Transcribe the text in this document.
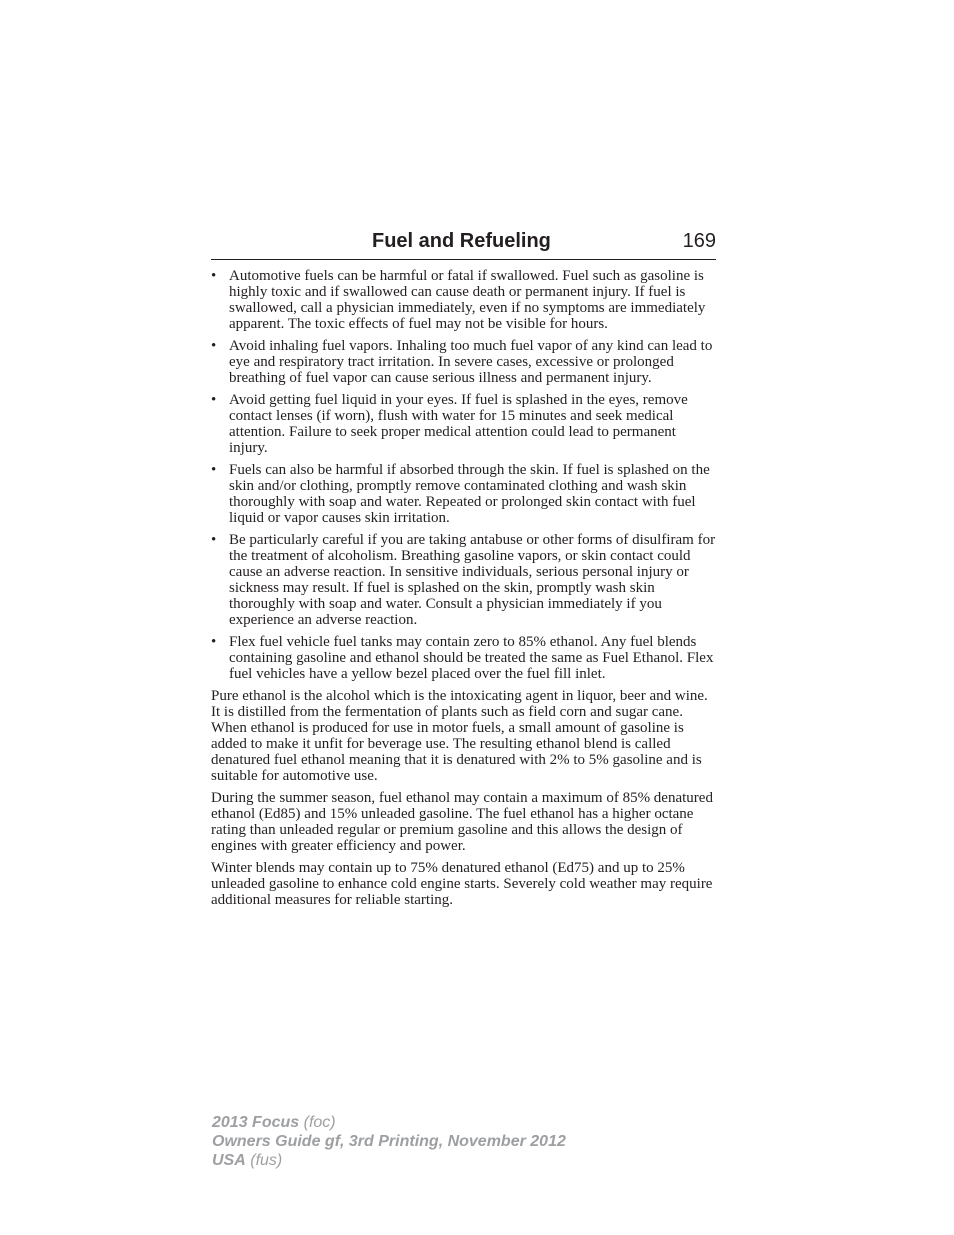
Fuel and Refueling	169
• Automotive fuels can be harmful or fatal if swallowed. Fuel such as gasoline is highly toxic and if swallowed can cause death or permanent injury. If fuel is swallowed, call a physician immediately, even if no symptoms are immediately apparent. The toxic effects of fuel may not be visible for hours.
• Avoid inhaling fuel vapors. Inhaling too much fuel vapor of any kind can lead to eye and respiratory tract irritation. In severe cases, excessive or prolonged breathing of fuel vapor can cause serious illness and permanent injury.
• Avoid getting fuel liquid in your eyes. If fuel is splashed in the eyes, remove contact lenses (if worn), flush with water for 15 minutes and seek medical attention. Failure to seek proper medical attention could lead to permanent injury.
• Fuels can also be harmful if absorbed through the skin. If fuel is splashed on the skin and/or clothing, promptly remove contaminated clothing and wash skin thoroughly with soap and water. Repeated or prolonged skin contact with fuel liquid or vapor causes skin irritation.
• Be particularly careful if you are taking antabuse or other forms of disulfiram for the treatment of alcoholism. Breathing gasoline vapors, or skin contact could cause an adverse reaction. In sensitive individuals, serious personal injury or sickness may result. If fuel is splashed on the skin, promptly wash skin thoroughly with soap and water. Consult a physician immediately if you experience an adverse reaction.
• Flex fuel vehicle fuel tanks may contain zero to 85% ethanol. Any fuel blends containing gasoline and ethanol should be treated the same as Fuel Ethanol. Flex fuel vehicles have a yellow bezel placed over the fuel fill inlet.

Pure ethanol is the alcohol which is the intoxicating agent in liquor, beer and wine. It is distilled from the fermentation of plants such as field corn and sugar cane. When ethanol is produced for use in motor fuels, a small amount of gasoline is added to make it unfit for beverage use. The resulting ethanol blend is called denatured fuel ethanol meaning that it is denatured with 2% to 5% gasoline and is suitable for automotive use.

During the summer season, fuel ethanol may contain a maximum of 85% denatured ethanol (Ed85) and 15% unleaded gasoline. The fuel ethanol has a higher octane rating than unleaded regular or premium gasoline and this allows the design of engines with greater efficiency and power.

Winter blends may contain up to 75% denatured ethanol (Ed75) and up to 25% unleaded gasoline to enhance cold engine starts. Severely cold weather may require additional measures for reliable starting.

2013 Focus (foc)
Owners Guide gf, 3rd Printing, November 2012
USA (fus)
